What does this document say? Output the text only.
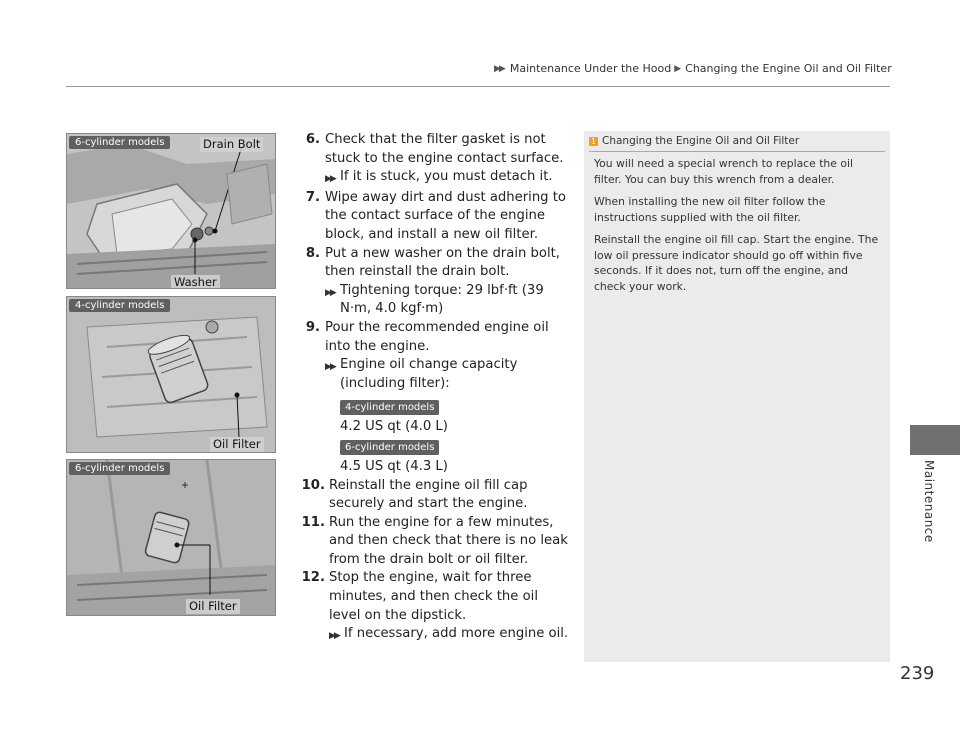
▶▶ Maintenance Under the Hood ▶ Changing the Engine Oil and Oil Filter
Maintenance
239
6-cylinder models	Drain Bolt
Washer
4-cylinder models
Oil Filter
6-cylinder models
Oil Filter
6. Check that the filter gasket is not stuck to the engine contact surface.
▶▶ If it is stuck, you must detach it.
7. Wipe away dirt and dust adhering to the contact surface of the engine block, and install a new oil filter.
8. Put a new washer on the drain bolt, then reinstall the drain bolt.
▶▶ Tightening torque: 29 lbf·ft (39 N·m, 4.0 kgf·m)
9. Pour the recommended engine oil into the engine.
▶▶ Engine oil change capacity (including filter):
4-cylinder models
4.2 US qt (4.0 L)
6-cylinder models
4.5 US qt (4.3 L)
10. Reinstall the engine oil fill cap securely and start the engine.
11. Run the engine for a few minutes, and then check that there is no leak from the drain bolt or oil filter.
12. Stop the engine, wait for three minutes, and then check the oil level on the dipstick.
▶▶ If necessary, add more engine oil.
1 Changing the Engine Oil and Oil Filter

You will need a special wrench to replace the oil filter. You can buy this wrench from a dealer.

When installing the new oil filter follow the instructions supplied with the oil filter.

Reinstall the engine oil fill cap. Start the engine. The low oil pressure indicator should go off within five seconds. If it does not, turn off the engine, and check your work.
